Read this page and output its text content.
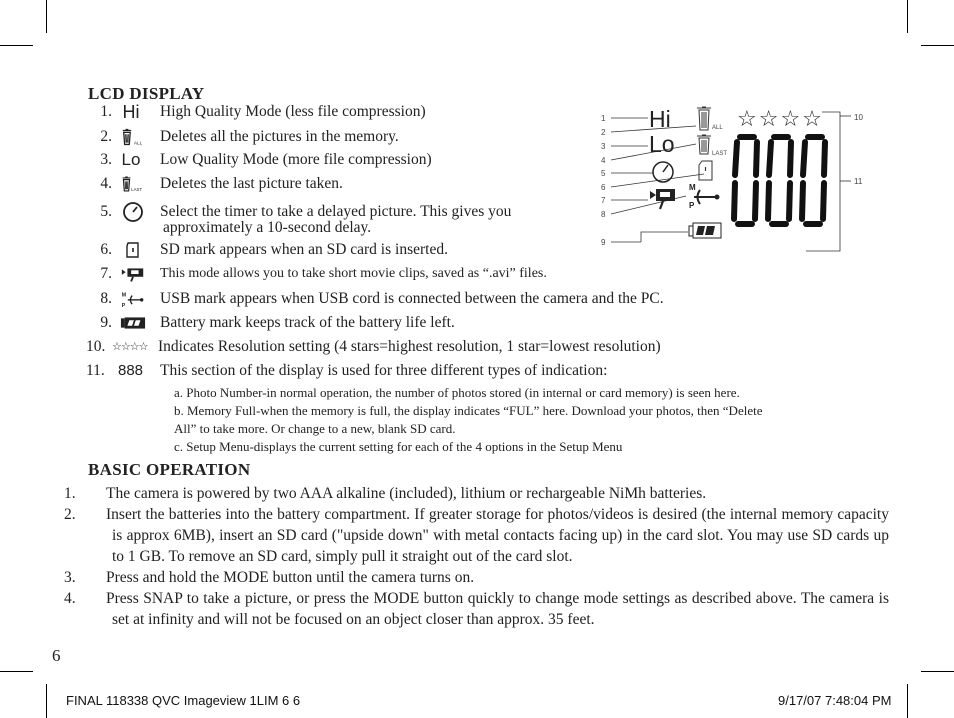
LCD DISPLAY
1. Hi High Quality Mode (less file compression)
2.	ALL Deletes all the pictures in the memory.
3. Lo Low Quality Mode (more file compression)
4.	LAST Deletes the last picture taken.
5.	Select the timer to take a delayed picture. This gives you
approximately a 10-second delay.
6.	SD mark appears when an SD card is inserted.
7.	This mode allows you to take short movie clips, saved as “.avi” files.
8. M
P USB mark appears when USB cord is connected between the camera and the PC.
9.	Battery mark keeps track of the battery life left.
10. ☆☆☆☆ Indicates Resolution setting (4 stars=highest resolution, 1 star=lowest resolution)
11. 888 This section of the display is used for three different types of indication:
a. Photo Number-in normal operation, the number of photos stored (in internal or card memory) is seen here.
b. Memory Full-when the memory is full, the display indicates “FUL” here. Download your photos, then “Delete
All” to take more. Or change to a new, blank SD card.
c. Setup Menu-displays the current setting for each of the 4 options in the Setup Menu
BASIC OPERATION
1. The camera is powered by two AAA alkaline (included), lithium or rechargeable NiMh batteries.
2. Insert the batteries into the battery compartment. If greater storage for photos/videos is desired (the internal memory capacity is approx 6MB), insert an SD card ("upside down" with metal contacts facing up) in the card slot. You may use SD cards up to 1 GB. To remove an SD card, simply pull it straight out of the card slot.
3. Press and hold the MODE button until the camera turns on.
4. Press SNAP to take a picture, or press the MODE button quickly to change mode settings as described above. The camera is set at infinity and will not be focused on an object closer than approx. 35 feet.
1
2
3
4
5
6
7
8
9
10
11
Hi
Lo
ALL
LAST
M
P
☆☆☆☆
6
FINAL 118338 QVC Imageview 1LIM 6 6	9/17/07 7:48:04 PM
